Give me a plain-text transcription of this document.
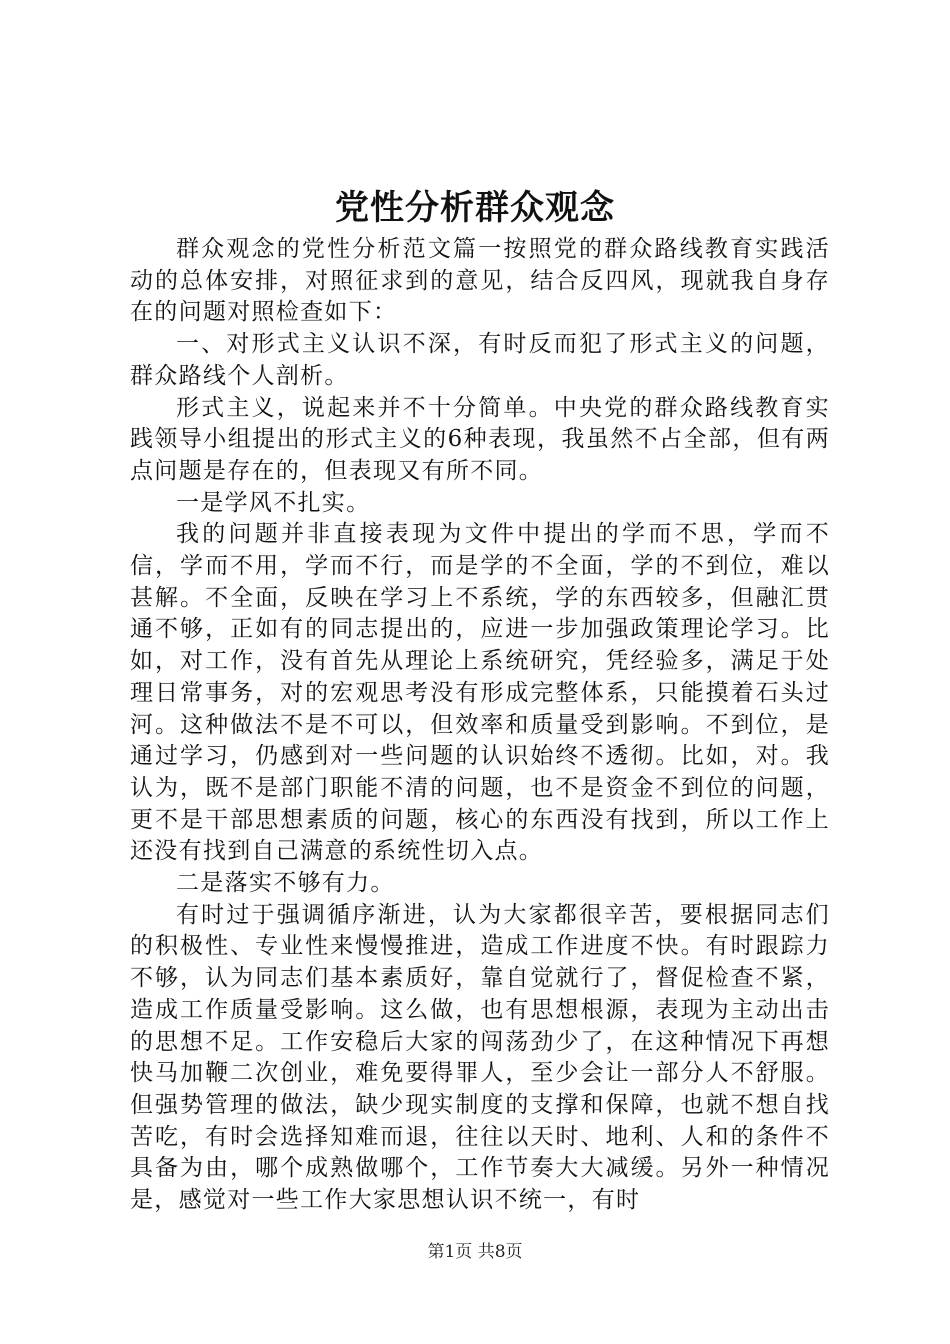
党性分析群众观念

群众观念的党性分析范文篇一按照党的群众路线教育实践活动的总体安排，对照征求到的意见，结合反四风，现就我自身存在的问题对照检查如下：

一、对形式主义认识不深，有时反而犯了形式主义的问题，群众路线个人剖析。

形式主义，说起来并不十分简单。中央党的群众路线教育实践领导小组提出的形式主义的6种表现，我虽然不占全部，但有两点问题是存在的，但表现又有所不同。

一是学风不扎实。

我的问题并非直接表现为文件中提出的学而不思，学而不信，学而不用，学而不行，而是学的不全面，学的不到位，难以甚解。不全面，反映在学习上不系统，学的东西较多，但融汇贯通不够，正如有的同志提出的，应进一步加强政策理论学习。比如，对工作，没有首先从理论上系统研究，凭经验多，满足于处理日常事务，对的宏观思考没有形成完整体系，只能摸着石头过河。这种做法不是不可以，但效率和质量受到影响。不到位，是通过学习，仍感到对一些问题的认识始终不透彻。比如，对。我认为，既不是部门职能不清的问题，也不是资金不到位的问题，更不是干部思想素质的问题，核心的东西没有找到，所以工作上还没有找到自己满意的系统性切入点。

二是落实不够有力。

有时过于强调循序渐进，认为大家都很辛苦，要根据同志们的积极性、专业性来慢慢推进，造成工作进度不快。有时跟踪力不够，认为同志们基本素质好，靠自觉就行了，督促检查不紧，造成工作质量受影响。这么做，也有思想根源，表现为主动出击的思想不足。工作安稳后大家的闯荡劲少了，在这种情况下再想快马加鞭二次创业，难免要得罪人，至少会让一部分人不舒服。但强势管理的做法，缺少现实制度的支撑和保障，也就不想自找苦吃，有时会选择知难而退，往往以天时、地利、人和的条件不具备为由，哪个成熟做哪个，工作节奏大大减缓。另外一种情况是，感觉对一些工作大家思想认识不统一，有时

第1页 共8页
